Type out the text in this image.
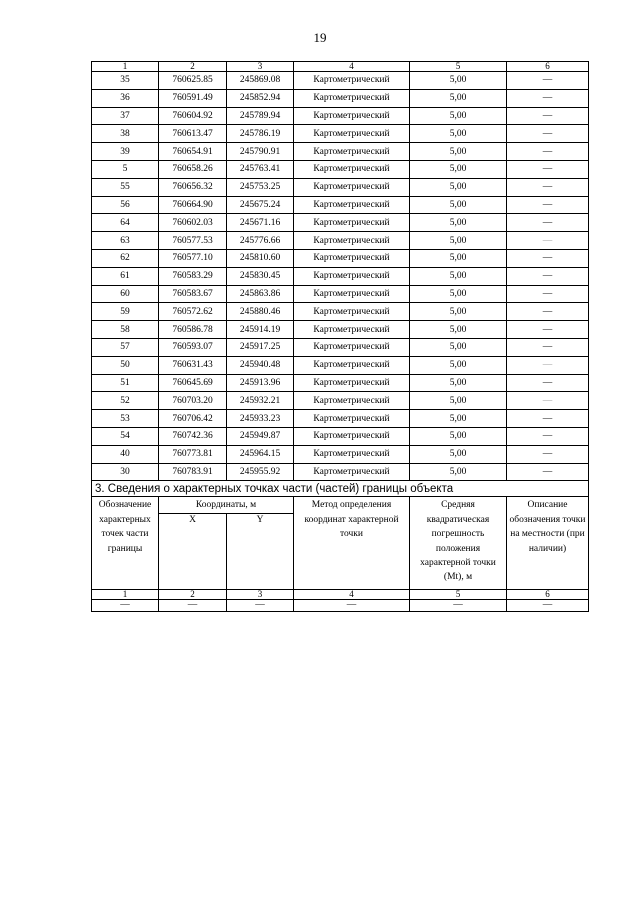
19
1	2	3	4	5	6
35	760625.85	245869.08	Картометрический	5,00	—
36	760591.49	245852.94	Картометрический	5,00	—
37	760604.92	245789.94	Картометрический	5,00	—
38	760613.47	245786.19	Картометрический	5,00	—
39	760654.91	245790.91	Картометрический	5,00	—
5	760658.26	245763.41	Картометрический	5,00	—
55	760656.32	245753.25	Картометрический	5,00	—
56	760664.90	245675.24	Картометрический	5,00	—
64	760602.03	245671.16	Картометрический	5,00	—
63	760577.53	245776.66	Картометрический	5,00	—
62	760577.10	245810.60	Картометрический	5,00	—
61	760583.29	245830.45	Картометрический	5,00	—
60	760583.67	245863.86	Картометрический	5,00	—
59	760572.62	245880.46	Картометрический	5,00	—
58	760586.78	245914.19	Картометрический	5,00	—
57	760593.07	245917.25	Картометрический	5,00	—
50	760631.43	245940.48	Картометрический	5,00	—
51	760645.69	245913.96	Картометрический	5,00	—
52	760703.20	245932.21	Картометрический	5,00	—
53	760706.42	245933.23	Картометрический	5,00	—
54	760742.36	245949.87	Картометрический	5,00	—
40	760773.81	245964.15	Картометрический	5,00	—
30	760783.91	245955.92	Картометрический	5,00	—
3. Сведения о характерных точках части (частей) границы объекта					
Обозначение характерных точек части границы	Координаты, м		Метод определения координат характерной точки	Средняя квадратическая погрешность положения характерной точки (Mt), м	Описание обозначения точки на местности (при наличии)
	X	Y			
1	2	3	4	5	6
—	—	—	—	—	—
